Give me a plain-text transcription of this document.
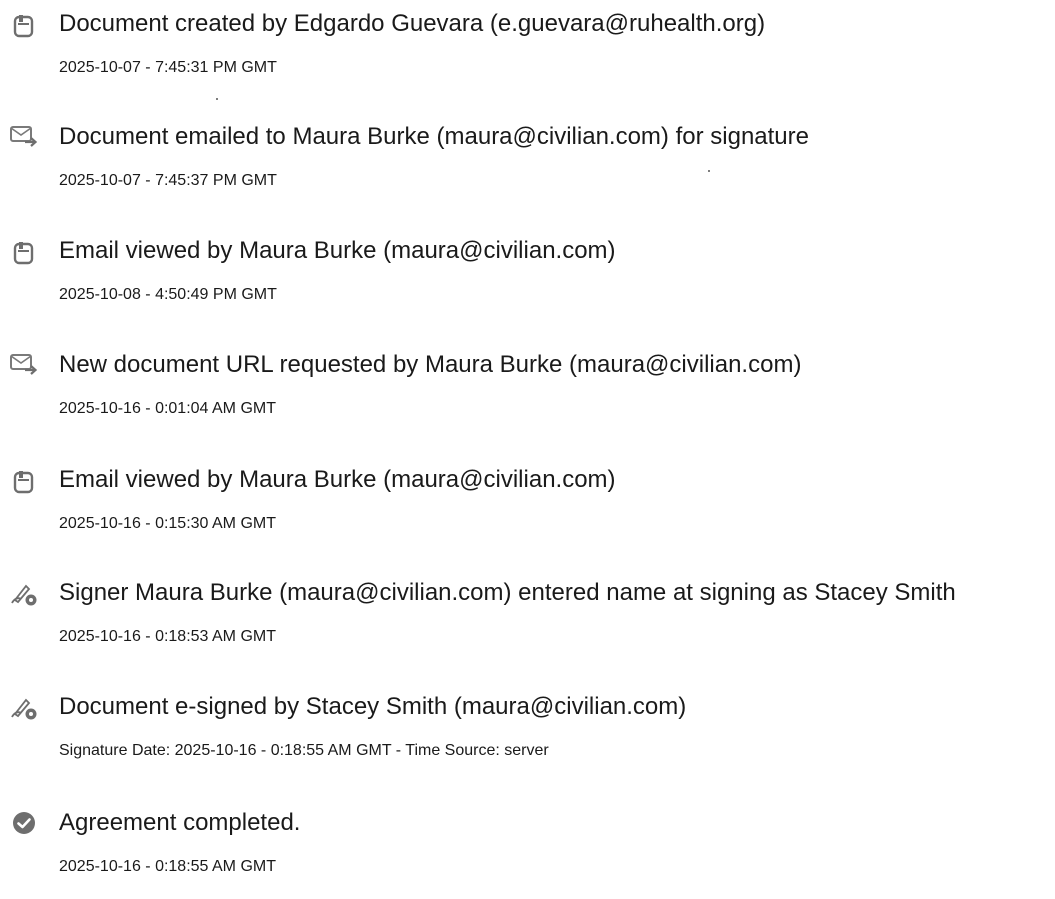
Document created by Edgardo Guevara (e.guevara@ruhealth.org)
2025-10-07 - 7:45:31 PM GMT
Document emailed to Maura Burke (maura@civilian.com) for signature
2025-10-07 - 7:45:37 PM GMT
Email viewed by Maura Burke (maura@civilian.com)
2025-10-08 - 4:50:49 PM GMT
New document URL requested by Maura Burke (maura@civilian.com)
2025-10-16 - 0:01:04 AM GMT
Email viewed by Maura Burke (maura@civilian.com)
2025-10-16 - 0:15:30 AM GMT
Signer Maura Burke (maura@civilian.com) entered name at signing as Stacey Smith
2025-10-16 - 0:18:53 AM GMT
Document e-signed by Stacey Smith (maura@civilian.com)
Signature Date: 2025-10-16 - 0:18:55 AM GMT - Time Source: server
Agreement completed.
2025-10-16 - 0:18:55 AM GMT
